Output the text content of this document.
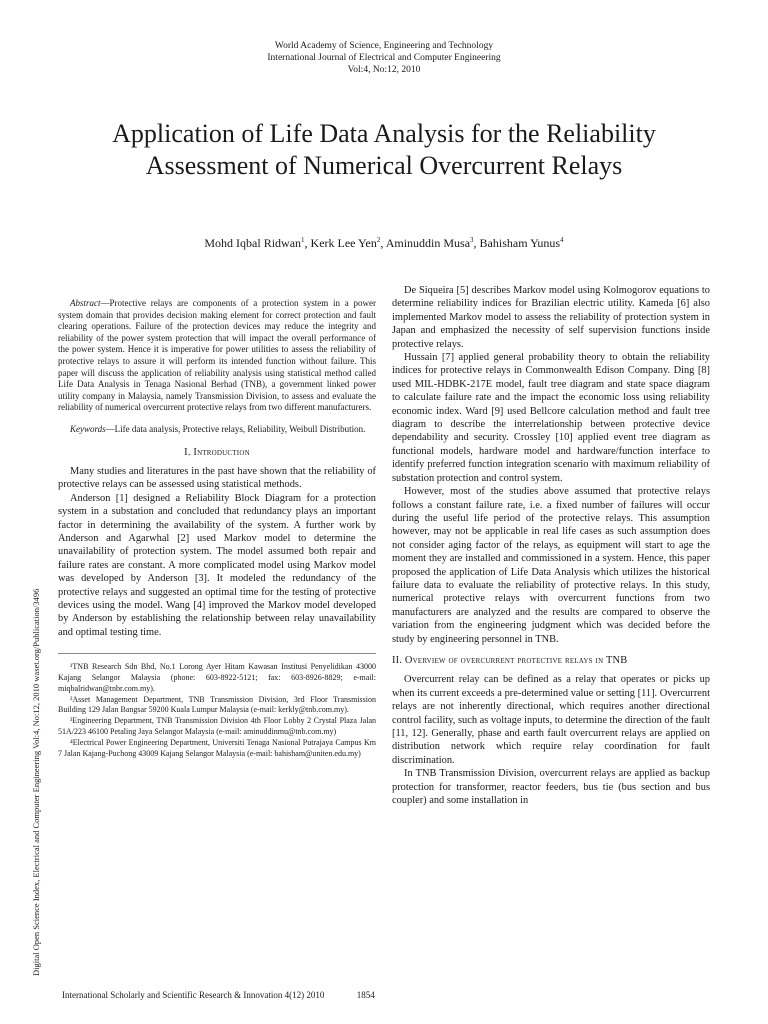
World Academy of Science, Engineering and Technology
International Journal of Electrical and Computer Engineering
Vol:4, No:12, 2010
Application of Life Data Analysis for the Reliability Assessment of Numerical Overcurrent Relays
Mohd Iqbal Ridwan$^1$, Kerk Lee Yen$^2$, Aminuddin Musa$^3$, Bahisham Yunus$^4$
Digital Open Science Index, Electrical and Computer Engineering Vol:4, No:12, 2010 waset.org/Publication/3496

Abstract—Protective relays are components of a protection system in a power system domain that provides decision making element for correct protection and fault clearing operations. Failure of the protection devices may reduce the integrity and reliability of the power system protection that will impact the overall performance of the power system. Hence it is imperative for power utilities to assess the reliability of protective relays to assure it will perform its intended function without failure. This paper will discuss the application of reliability analysis using statistical method called Life Data Analysis in Tenaga Nasional Berhad (TNB), a government linked power utility company in Malaysia, namely Transmission Division, to assess and evaluate the reliability of numerical overcurrent protective relays from two different manufacturers.

Keywords—Life data analysis, Protective relays, Reliability, Weibull Distribution.

I. Introduction

Many studies and literatures in the past have shown that the reliability of protective relays can be assessed using statistical methods.

Anderson [1] designed a Reliability Block Diagram for a protection system in a substation and concluded that redundancy plays an important factor in determining the availability of the system. A further work by Anderson and Agarwhal [2] used Markov model to determine the unavailability of protection system. The model assumed both repair and failure rates are constant. A more complicated model using Markov model was developed by Anderson [3]. It modeled the redundancy of the protective relays and suggested an optimal time for the testing of protective devices using the model. Wang [4] improved the Markov model developed by Anderson by establishing the relationship between relay unavailability and optimal testing time.

¹TNB Research Sdn Bhd, No.1 Lorong Ayer Hitam Kawasan Institusi Penyelidikan 43000 Kajang Selangor Malaysia (phone: 603-8922-5121; fax: 603-8926-8829; e-mail: miqbalridwan@tnbr.com.my).

²Asset Management Department, TNB Transmission Division, 3rd Floor Transmission Building 129 Jalan Bangsar 59200 Kuala Lumpur Malaysia (e-mail: kerkly@tnb.com.my).

³Engineering Department, TNB Transmission Division 4th Floor Lobby 2 Crystal Plaza Jalan 51A/223 46100 Petaling Jaya Selangor Malaysia (e-mail: aminuddinmu@tnb.com.my)

⁴Electrical Power Engineering Department, Universiti Tenaga Nasional Putrajaya Campus Km 7 Jalan Kajang-Puchong 43009 Kajang Selangor Malaysia (e-mail: bahisham@uniten.edu.my)

De Siqueira [5] describes Markov model using Kolmogorov equations to determine reliability indices for Brazilian electric utility. Kameda [6] also implemented Markov model to assess the reliability of protection system in Japan and emphasized the necessity of self supervision functions inside protective relays.

Hussain [7] applied general probability theory to obtain the reliability indices for protective relays in Commonwealth Edison Company. Ding [8] used MIL-HDBK-217E model, fault tree diagram and state space diagram to calculate failure rate and the impact the economic loss using reliability economic index. Ward [9] used Bellcore calculation method and fault tree diagram to describe the interrelationship between protective device dependability and security. Crossley [10] applied event tree diagram as functional models, hardware model and hardware/function interface to identify preferred function integration scenario with maximum reliability of substation protection and control system.

However, most of the studies above assumed that protective relays follows a constant failure rate, i.e. a fixed number of failures will occur during the useful life period of the protective relays. This assumption however, may not be applicable in real life cases as such assumption does not consider aging factor of the relays, as equipment will start to age the moment they are installed and commissioned in a system. Hence, this paper proposed the application of Life Data Analysis which utilizes the historical failure data to evaluate the reliability of protective relays. In this study, numerical protective relays with overcurrent functions from two manufacturers are analyzed and the results are compared to observe the variation from the engineering judgment which was decided before the study by engineering personnel in TNB.

II. Overview of overcurrent protective relays in TNB

Overcurrent relay can be defined as a relay that operates or picks up when its current exceeds a pre-determined value or setting [11]. Overcurrent relays are not inherently directional, which requires another directional control facility, such as voltage inputs, to determine the direction of the fault [11, 12]. Generally, phase and earth fault overcurrent relays are applied on distribution network which require relay coordination for fault discrimination.

In TNB Transmission Division, overcurrent relays are applied as backup protection for transformer, reactor feeders, bus tie (bus section and bus coupler) and some installation in

International Scholarly and Scientific Research & Innovation 4(12) 2010	1854
